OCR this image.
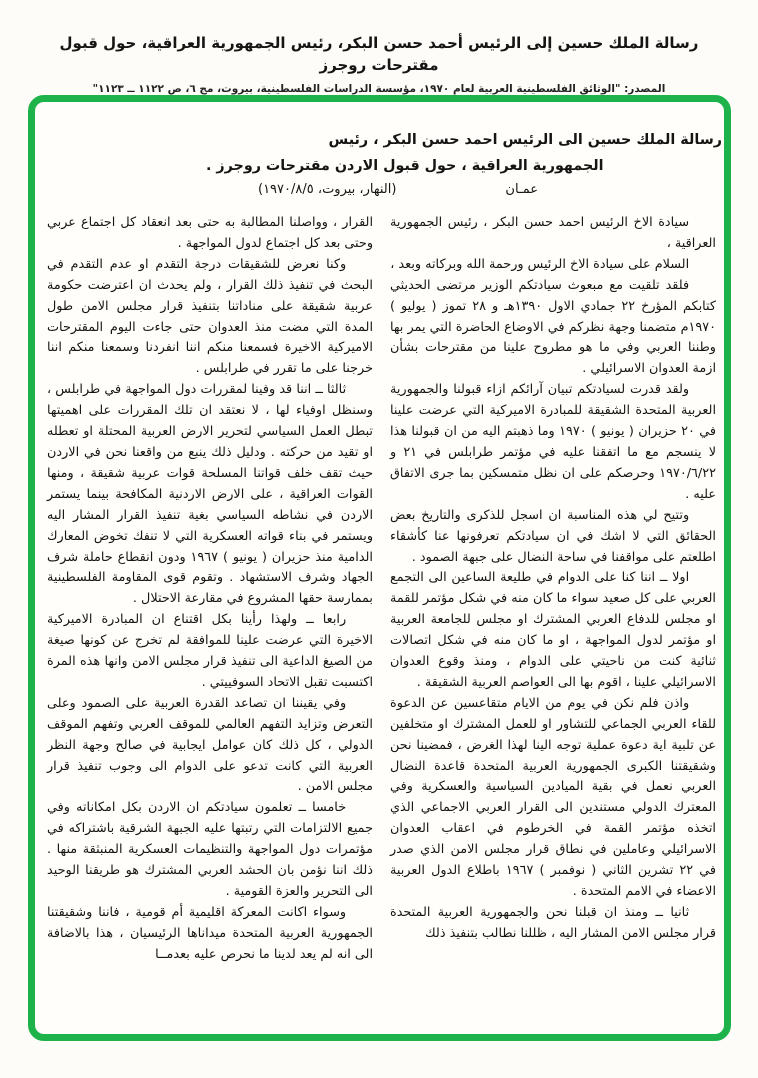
رسالة الملك حسين إلى الرئيس أحمد حسن البكر، رئيس الجمهورية العراقية، حول قبول مقترحات روجرز
المصدر: "الوثائق الفلسطينية العربية لعام ١٩٧٠، مؤسسة الدراسات الفلسطينية، بيروت، مج ٦، ص ١١٢٢ ــ ١١٢٣"
رسالة الملك حسين الى الرئيس احمد حسن البكر ، رئيس
الجمهورية العراقية ، حول قبول الاردن مقترحات روجرز .
عمـان
(النهار، بيروت، ١٩٧٠/٨/٥)

سيادة الاخ الرئيس احمد حسن البكر ، رئيس الجمهورية العراقية ،

السلام على سيادة الاخ الرئيس ورحمة الله وبركاته وبعد ،

فلقد تلقيت مع مبعوث سيادتكم الوزير مرتضى الحديثي كتابكم المؤرخ ٢٢ جمادي الاول ١٣٩٠هـ و ٢٨ تموز ( يوليو ) ١٩٧٠م متضمنا وجهة نظركم في الاوضاع الحاضرة التي يمر بها وطننا العربي وفي ما هو مطروح علينا من مقترحات بشأن ازمة العدوان الاسرائيلي .

ولقد قدرت لسيادتكم تبيان آرائكم ازاء قبولنا والجمهورية العربية المتحدة الشقيقة للمبادرة الاميركية التي عرضت علينا في ٢٠ حزيران ( يونيو ) ١٩٧٠ وما ذهبتم اليه من ان قبولنا هذا لا ينسجم مع ما اتفقنا عليه في مؤتمر طرابلس في ٢١ و ١٩٧٠/٦/٢٢ وحرصكم على ان نظل متمسكين بما جرى الاتفاق عليه .

وتتيح لي هذه المناسبة ان اسجل للذكرى والتاريخ بعض الحقائق التي لا اشك في ان سيادتكم تعرفونها عنا كأشقاء اطلعتم على مواقفنا في ساحة النضال على جبهة الصمود .

اولا ــ اننا كنا على الدوام في طليعة الساعين الى التجمع العربي على كل صعيد سواء ما كان منه في شكل مؤتمر للقمة او مجلس للدفاع العربي المشترك او مجلس للجامعة العربية او مؤتمر لدول المواجهة ، او ما كان منه في شكل اتصالات ثنائية كنت من ناحيتي على الدوام ، ومنذ وقوع العدوان الاسرائيلي علينا ، اقوم بها الى العواصم العربية الشقيقة .

واذن فلم نكن في يوم من الايام متقاعسين عن الدعوة للقاء العربي الجماعي للتشاور او للعمل المشترك او متخلفين عن تلبية اية دعوة عملية توجه الينا لهذا الغرض ، فمضينا نحن وشقيقتنا الكبرى الجمهورية العربية المتحدة قاعدة النضال العربي نعمل في بقية الميادين السياسية والعسكرية وفي المعترك الدولي مستندين الى القرار العربي الاجماعي الذي اتخذه مؤتمر القمة في الخرطوم في اعقاب العدوان الاسرائيلي وعاملين في نطاق قرار مجلس الامن الذي صدر في ٢٢ تشرين الثاني ( نوفمبر ) ١٩٦٧ باطلاع الدول العربية الاعضاء في الامم المتحدة .

ثانيا ــ ومنذ ان قبلنا نحن والجمهورية العربية المتحدة قرار مجلس الامن المشار اليه ، ظللنا نطالب بتنفيذ ذلك

القرار ، وواصلنا المطالبة به حتى بعد انعقاد كل اجتماع عربي وحتى بعد كل اجتماع لدول المواجهة .

وكنا نعرض للشقيقات درجة التقدم او عدم التقدم في البحث في تنفيذ ذلك القرار ، ولم يحدث ان اعترضت حكومة عربية شقيقة على مناداتنا بتنفيذ قرار مجلس الامن طول المدة التي مضت منذ العدوان حتى جاءت اليوم المقترحات الاميركية الاخيرة فسمعنا منكم اننا انفردنا وسمعنا منكم اننا خرجنا على ما تقرر في طرابلس .

ثالثا ــ اننا قد وفينا لمقررات دول المواجهة في طرابلس ، وسنظل اوفياء لها ، لا نعتقد ان تلك المقررات على اهميتها تبطل العمل السياسي لتحرير الارض العربية المحتلة او تعطله او تقيد من حركته . ودليل ذلك ينبع من واقعنا نحن في الاردن حيث تقف خلف قواتنا المسلحة قوات عربية شقيقة ، ومنها القوات العراقية ، على الارض الاردنية المكافحة بينما يستمر الاردن في نشاطه السياسي بغية تنفيذ القرار المشار اليه ويستمر في بناء قواته العسكرية التي لا تنفك تخوض المعارك الدامية منذ حزيران ( يونيو ) ١٩٦٧ ودون انقطاع حاملة شرف الجهاد وشرف الاستشهاد . وتقوم قوى المقاومة الفلسطينية بممارسة حقها المشروع في مقارعة الاحتلال .

رابعا ــ ولهذا رأينا بكل اقتناع ان المبادرة الاميركية الاخيرة التي عرضت علينا للموافقة لم تخرج عن كونها صيغة من الصيغ الداعية الى تنفيذ قرار مجلس الامن وانها هذه المرة اكتسبت تقبل الاتحاد السوفييتي .

وفي يقيننا ان تصاعد القدرة العربية على الصمود وعلى التعرض وتزايد التفهم العالمي للموقف العربي وتفهم الموقف الدولي ، كل ذلك كان عوامل ايجابية في صالح وجهة النظر العربية التي كانت تدعو على الدوام الى وجوب تنفيذ قرار مجلس الامن .

خامسا ــ تعلمون سيادتكم ان الاردن بكل امكاناته وفي جميع الالتزامات التي رتبتها عليه الجبهة الشرقية باشتراكه في مؤتمرات دول المواجهة والتنظيمات العسكرية المنبثقة منها . ذلك اننا نؤمن بان الحشد العربي المشترك هو طريقنا الوحيد الى التحرير والعزة القومية .

وسواء اكانت المعركة اقليمية أم قومية ، فاننا وشقيقتنا الجمهورية العربية المتحدة ميداناها الرئيسيان ، هذا بالاضافة الى انه لم يعد لدينا ما نحرص عليه بعدمــا
